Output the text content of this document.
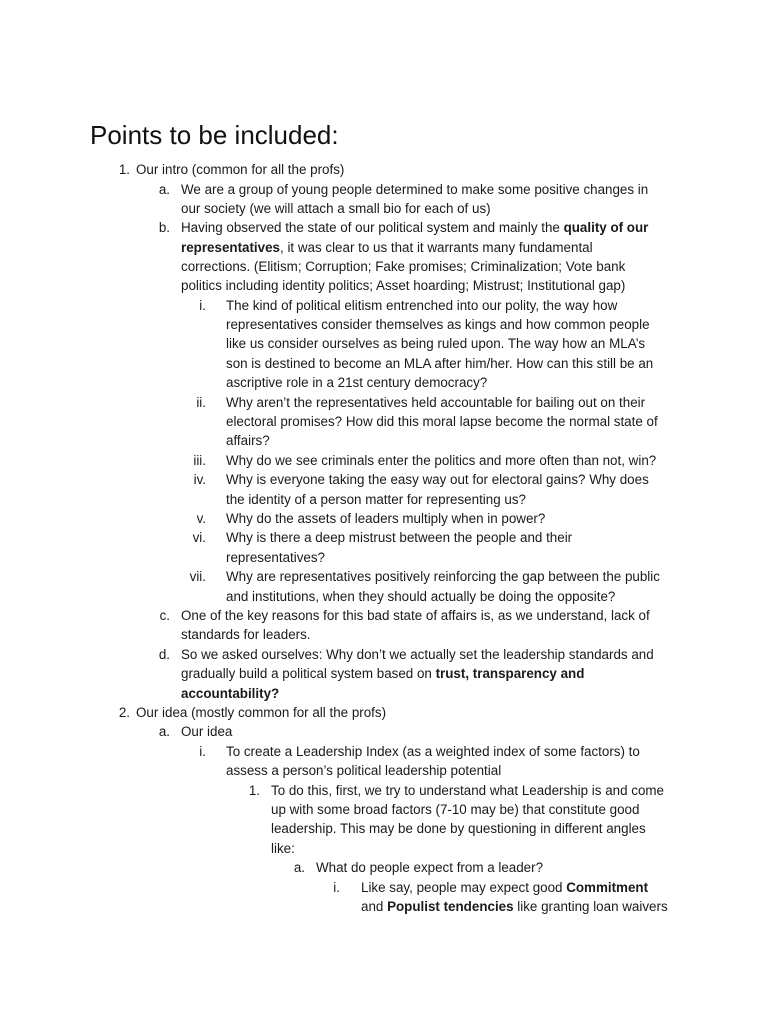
Points to be included:
1. Our intro (common for all the profs)
a. We are a group of young people determined to make some positive changes in
our society (we will attach a small bio for each of us)
b. Having observed the state of our political system and mainly the quality of our
representatives, it was clear to us that it warrants many fundamental
corrections. (Elitism; Corruption; Fake promises; Criminalization; Vote bank
politics including identity politics; Asset hoarding; Mistrust; Institutional gap)
i. The kind of political elitism entrenched into our polity, the way how
representatives consider themselves as kings and how common people
like us consider ourselves as being ruled upon. The way how an MLA’s
son is destined to become an MLA after him/her. How can this still be an
ascriptive role in a 21st century democracy?
ii. Why aren’t the representatives held accountable for bailing out on their
electoral promises? How did this moral lapse become the normal state of
affairs?
iii. Why do we see criminals enter the politics and more often than not, win?
iv. Why is everyone taking the easy way out for electoral gains? Why does
the identity of a person matter for representing us?
v. Why do the assets of leaders multiply when in power?
vi. Why is there a deep mistrust between the people and their
representatives?
vii. Why are representatives positively reinforcing the gap between the public
and institutions, when they should actually be doing the opposite?
c. One of the key reasons for this bad state of affairs is, as we understand, lack of
standards for leaders.
d. So we asked ourselves: Why don’t we actually set the leadership standards and
gradually build a political system based on trust, transparency and
accountability?
2. Our idea (mostly common for all the profs)
a. Our idea
i. To create a Leadership Index (as a weighted index of some factors) to
assess a person’s political leadership potential
1. To do this, first, we try to understand what Leadership is and come
up with some broad factors (7-10 may be) that constitute good
leadership. This may be done by questioning in different angles
like:
a. What do people expect from a leader?
i. Like say, people may expect good Commitment
and Populist tendencies like granting loan waivers
